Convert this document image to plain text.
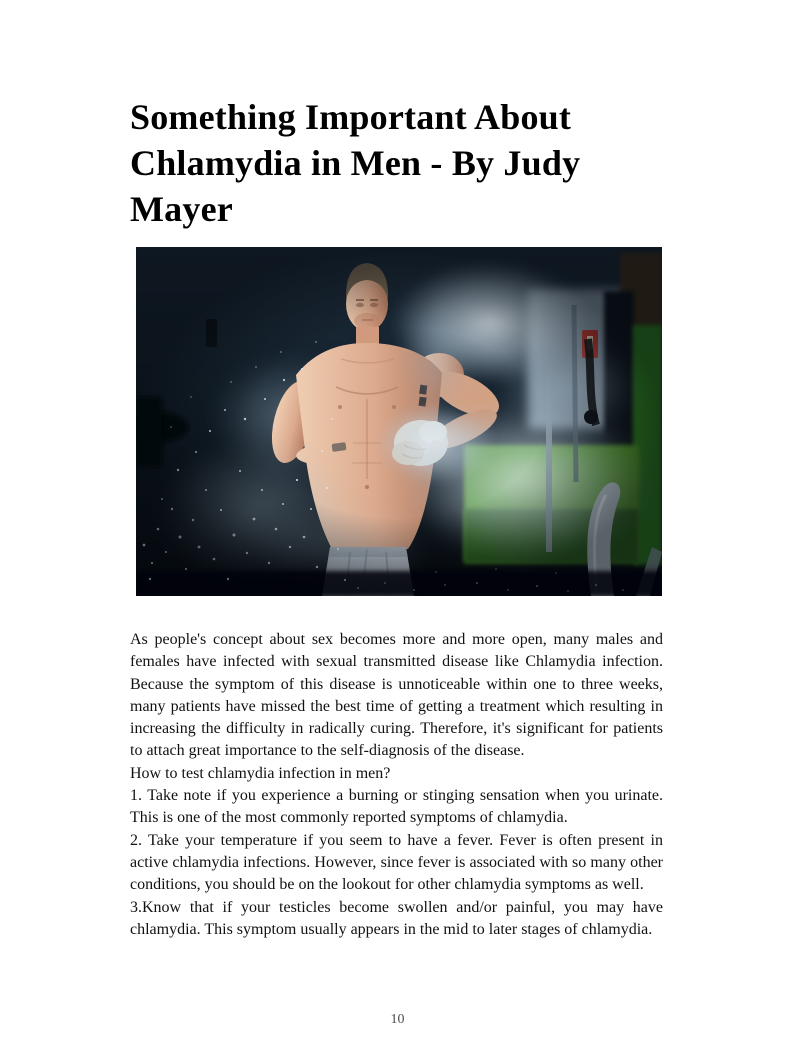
Something Important About Chlamydia in Men - By Judy Mayer

As people's concept about sex becomes more and more open, many males and females have infected with sexual transmitted disease like Chlamydia infection. Because the symptom of this disease is unnoticeable within one to three weeks, many patients have missed the best time of getting a treatment which resulting in increasing the difficulty in radically curing. Therefore, it's significant for patients to attach great importance to the self-diagnosis of the disease.

How to test chlamydia infection in men?

1. Take note if you experience a burning or stinging sensation when you urinate. This is one of the most commonly reported symptoms of chlamydia.

2. Take your temperature if you seem to have a fever. Fever is often present in active chlamydia infections. However, since fever is associated with so many other conditions, you should be on the lookout for other chlamydia symptoms as well.

3.Know that if your testicles become swollen and/or painful, you may have chlamydia. This symptom usually appears in the mid to later stages of chlamydia.

10
